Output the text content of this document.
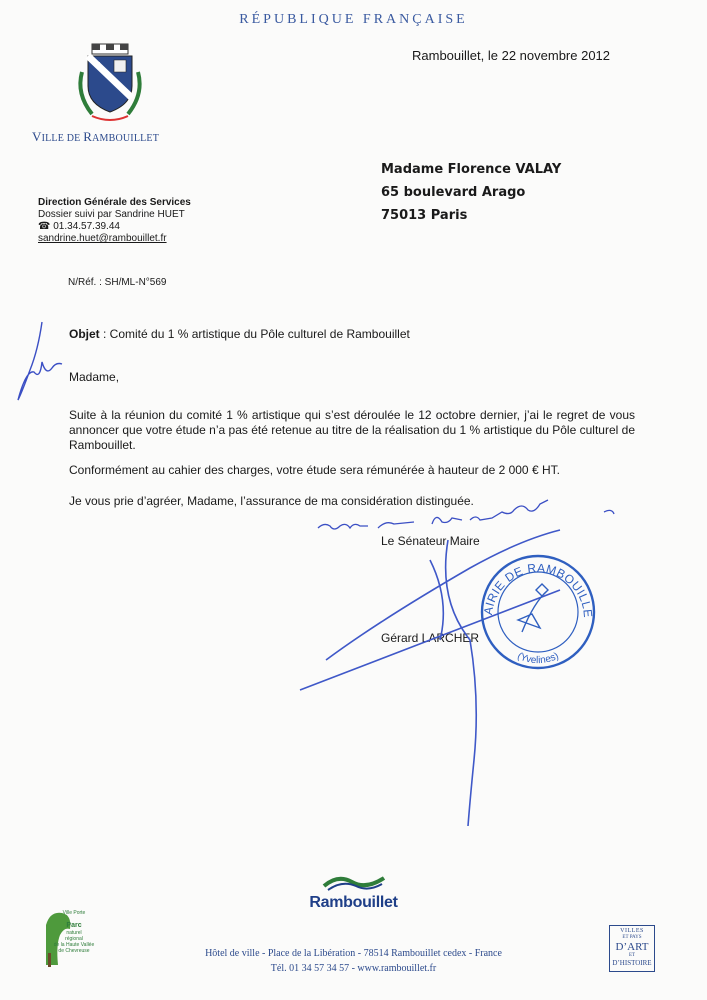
RÉPUBLIQUE FRANÇAISE
Rambouillet, le 22 novembre 2012
VILLE DE RAMBOUILLET
Madame Florence VALAY
65 boulevard Arago
75013 Paris
Direction Générale des Services
Dossier suivi par Sandrine HUET
☎ 01.34.57.39.44
sandrine.huet@rambouillet.fr
N/Réf. : SH/ML-N°569
Objet : Comité du 1 % artistique du Pôle culturel de Rambouillet

Madame,

Suite à la réunion du comité 1 % artistique qui s’est déroulée le 12 octobre dernier, j’ai le regret de vous annoncer que votre étude n’a pas été retenue au titre de la réalisation du 1 % artistique du Pôle culturel de Rambouillet.

Conformément au cahier des charges, votre étude sera rémunérée à hauteur de 2 000 € HT.

Je vous prie d’agréer, Madame, l’assurance de ma considération distinguée.

Le Sénateur Maire
Gérard LARCHER
MAIRIE DE RAMBOUILLET
(Yvelines)
Rambouillet
Hôtel de ville - Place de la Libération - 78514 Rambouillet cedex - France
Tél. 01 34 57 34 57 - www.rambouillet.fr
Ville Porte
Parc
naturel
régional
de la Haute Vallée
de Chevreuse
VILLES
ET PAYS
D’ART
ET
D’HISTOIRE
